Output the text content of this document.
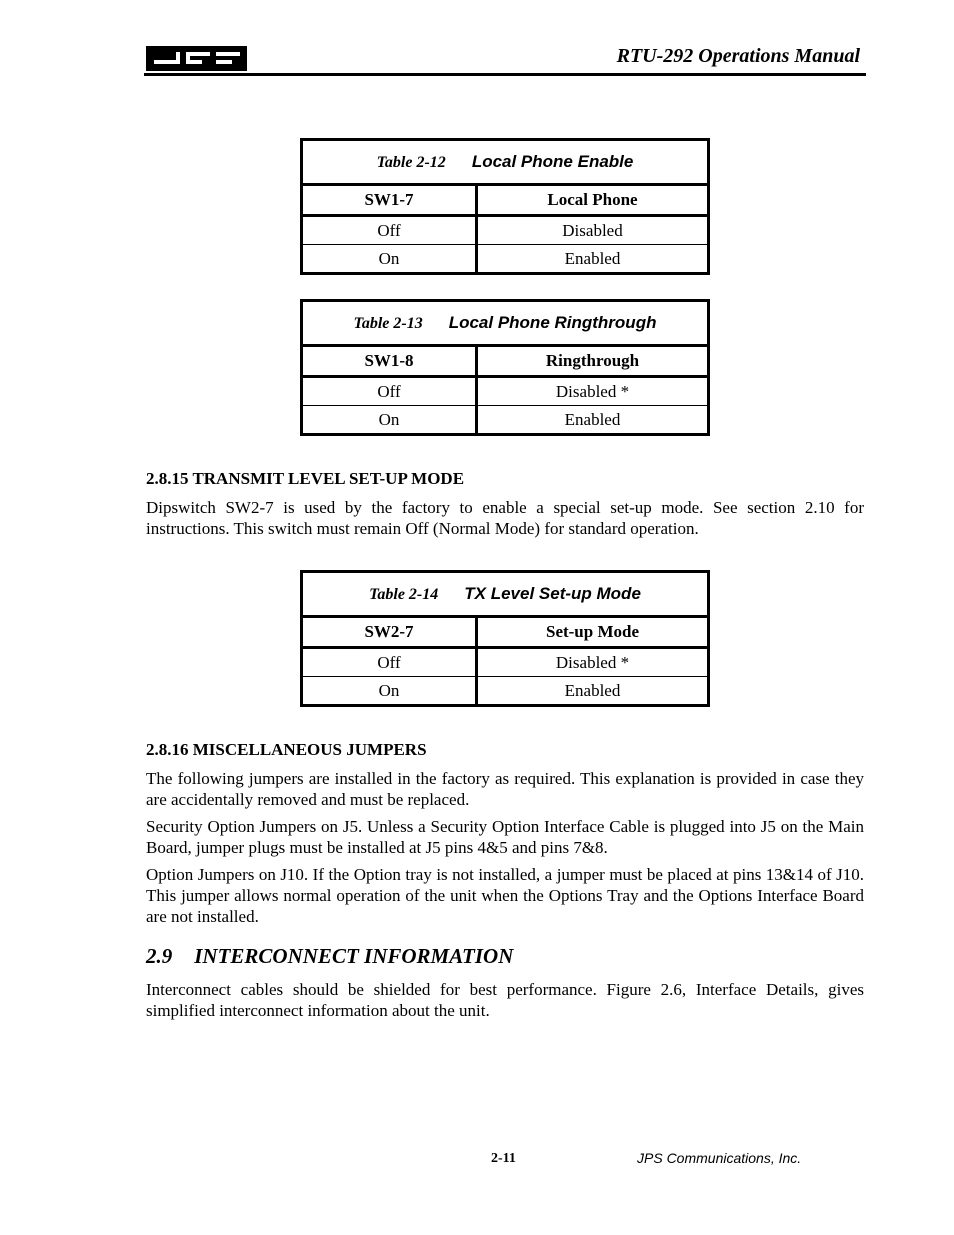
RTU-292 Operations Manual
Table 2-12 Local Phone Enable	
SW1-7	Local Phone
Off	Disabled
On	Enabled
Table 2-13 Local Phone Ringthrough	
SW1-8	Ringthrough
Off	Disabled *
On	Enabled
2.8.15 TRANSMIT LEVEL SET-UP MODE
Dipswitch SW2-7 is used by the factory to enable a special set-up mode. See section 2.10 for instructions. This switch must remain Off (Normal Mode) for standard operation.
Table 2-14 TX Level Set-up Mode	
SW2-7	Set-up Mode
Off	Disabled *
On	Enabled
2.8.16 MISCELLANEOUS JUMPERS
The following jumpers are installed in the factory as required. This explanation is provided in case they are accidentally removed and must be replaced.
Security Option Jumpers on J5. Unless a Security Option Interface Cable is plugged into J5 on the Main Board, jumper plugs must be installed at J5 pins 4&5 and pins 7&8.
Option Jumpers on J10. If the Option tray is not installed, a jumper must be placed at pins 13&14 of J10. This jumper allows normal operation of the unit when the Options Tray and the Options Interface Board are not installed.
2.9 INTERCONNECT INFORMATION
Interconnect cables should be shielded for best performance. Figure 2.6, Interface Details, gives simplified interconnect information about the unit.
2-11	JPS Communications, Inc.
